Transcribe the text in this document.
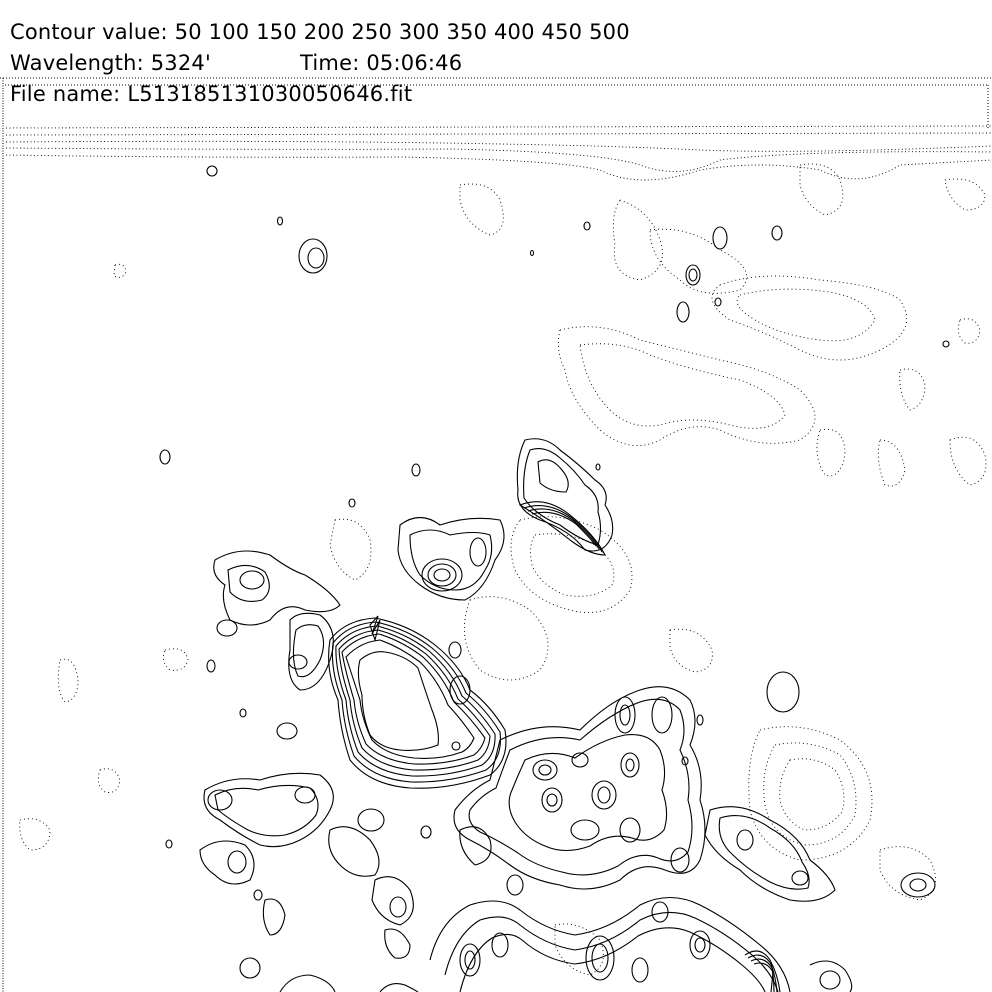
Contour value: 50 100 150 200 250 300 350 400 450 500
Wavelength: 5324'	Time: 05:06:46
File name: L513185131030050646.fit
